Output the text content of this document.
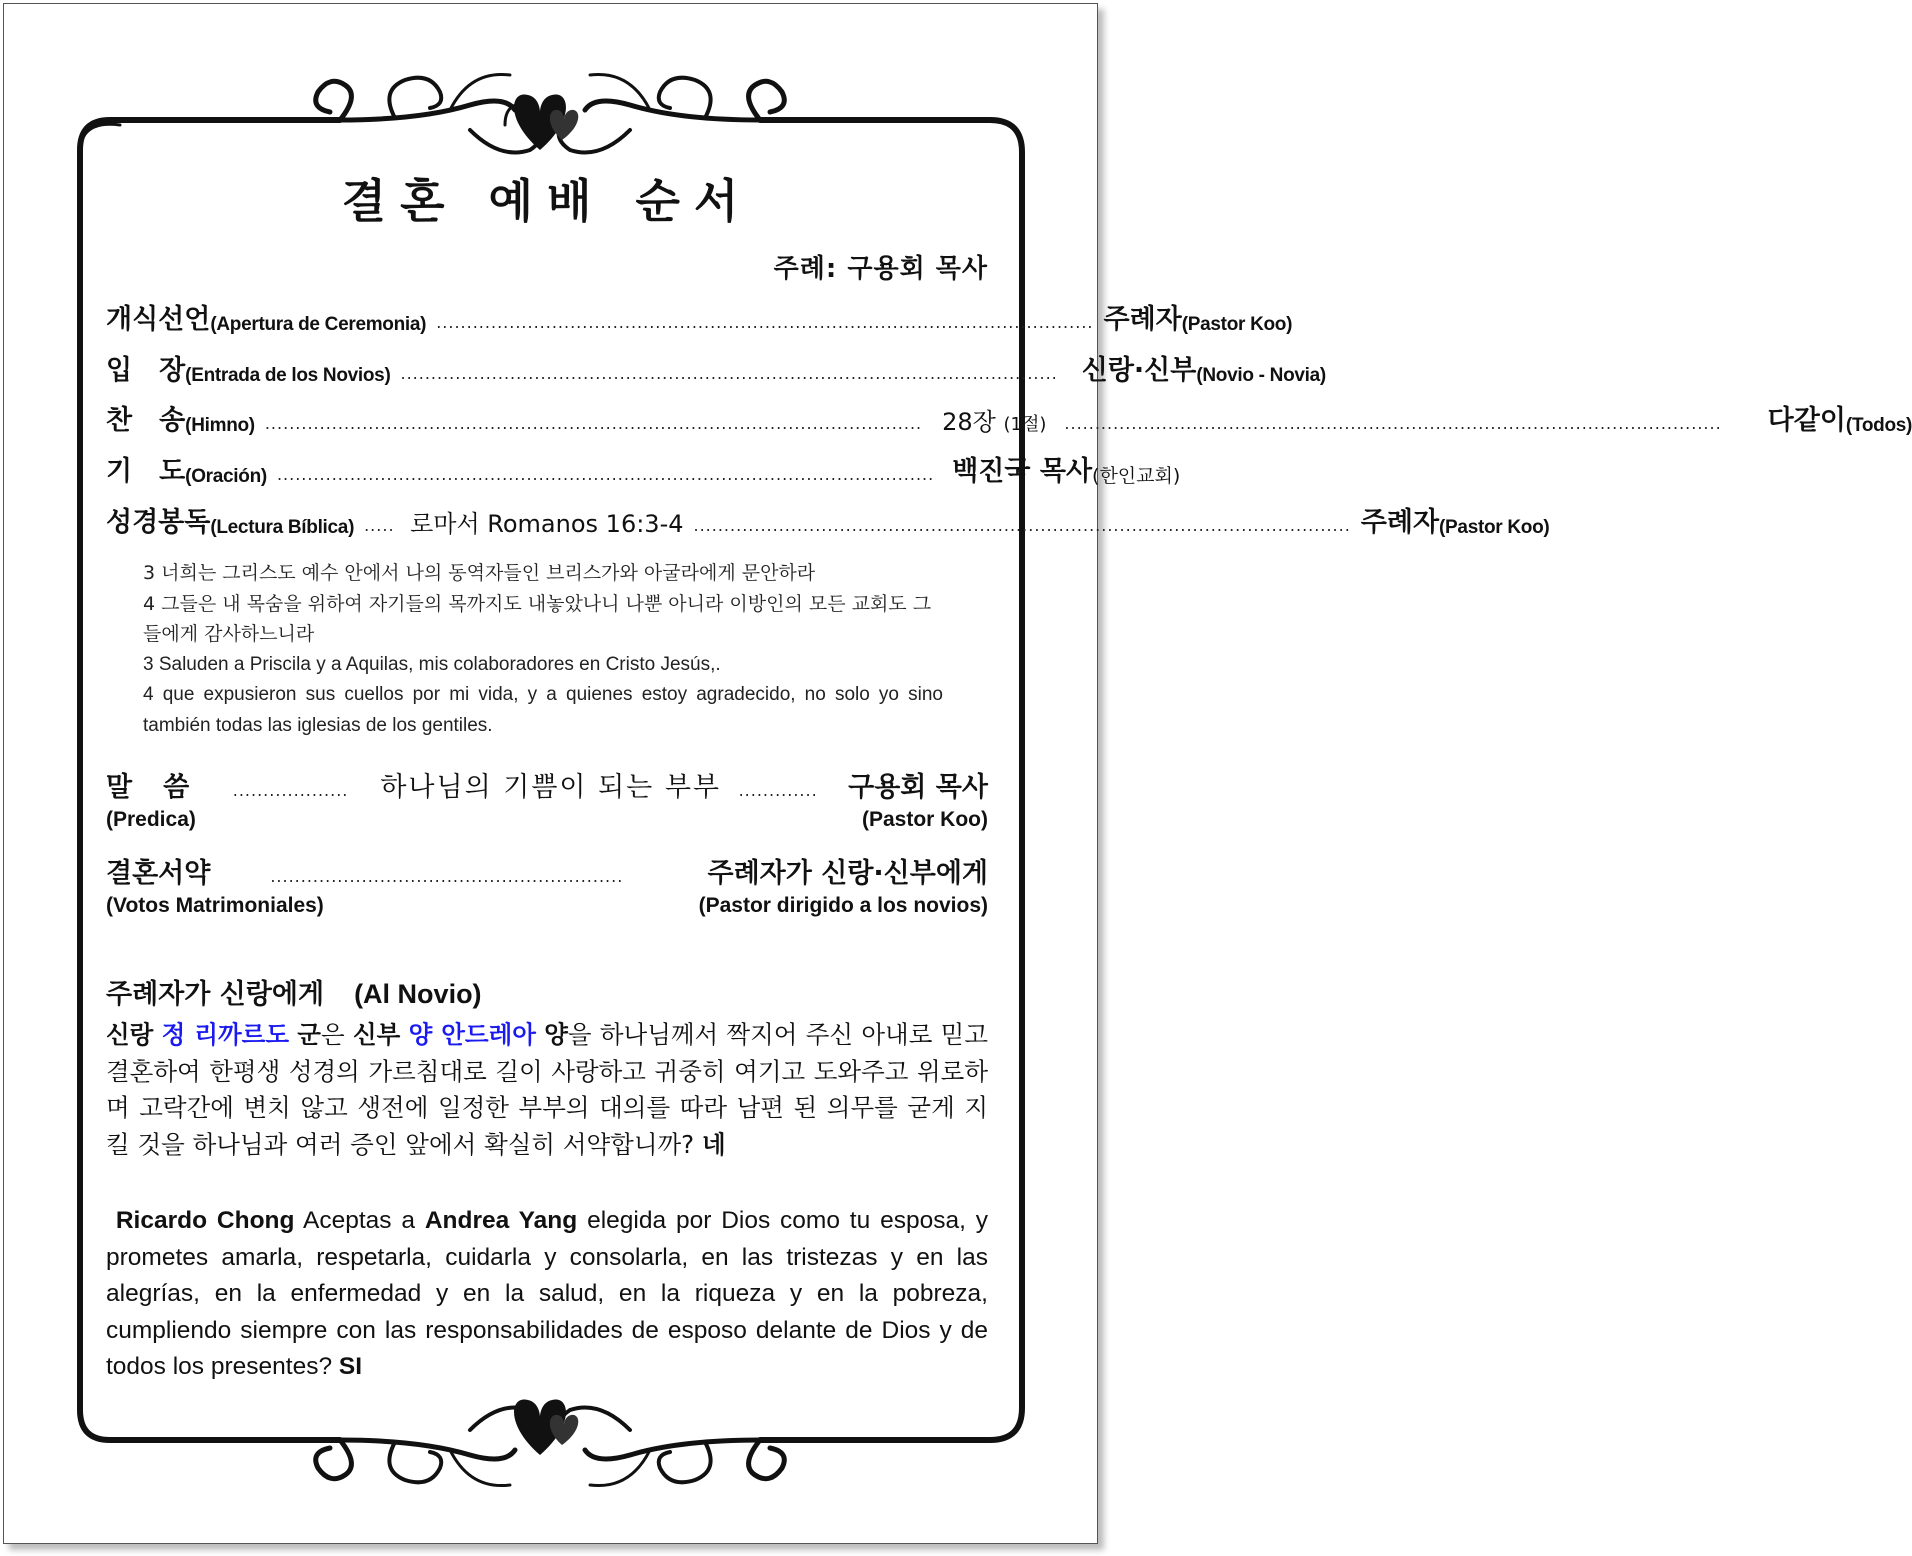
결혼 예배 순서
주례: 구용회 목사
개식선언 (Apertura de Ceremonia) ............................................................................................................ 주례자 (Pastor Koo)
입　장 (Entrada de los Novios) ............................................................................................................ 신랑·신부 (Novio - Novia)
찬　송 (Himno) ............................................................................................................ 28장 (1절) ............................................................................................................ 다같이 (Todos)
기　도 (Oración) ............................................................................................................ 백진국 목사 (한인교회)
성경봉독 (Lectura Bíblica) ..... 로마서 Romanos 16:3-4 ............................................................................................................ 주례자 (Pastor Koo)

3 너희는 그리스도 예수 안에서 나의 동역자들인 브리스가와 아굴라에게 문안하라

4 그들은 내 목숨을 위하여 자기들의 목까지도 내놓았나니 나뿐 아니라 이방인의 모든 교회도 그들에게 감사하느니라

3 Saluden a Priscila y a Aquilas, mis colaboradores en Cristo Jesús,.

4 que expusieron sus cuellos por mi vida, y a quienes estoy agradecido, no solo yo sino también todas las iglesias de los gentiles.

말　씀	................... 하나님의 기쁨이 되는 부부 .............	구용회 목사
(Predica)	(Pastor Koo)
결혼서약	..........................................................	주례자가 신랑·신부에게
(Votos Matrimoniales)	(Pastor dirigido a los novios)
주례자가 신랑에게 (Al Novio)
신랑 정 리까르도 군은 신부 양 안드레아 양을 하나님께서 짝지어 주신 아내로 믿고 결혼하여 한평생 성경의 가르침대로 길이 사랑하고 귀중히 여기고 도와주고 위로하며 고락간에 변치 않고 생전에 일정한 부부의 대의를 따라 남편 된 의무를 굳게 지킬 것을 하나님과 여러 증인 앞에서 확실히 서약합니까? 네
Ricardo Chong Aceptas a Andrea Yang elegida por Dios como tu esposa, y prometes amarla, respetarla, cuidarla y consolarla, en las tristezas y en las alegrías, en la enfermedad y en la salud, en la riqueza y en la pobreza, cumpliendo siempre con las responsabilidades de esposo delante de Dios y de todos los presentes? SI
